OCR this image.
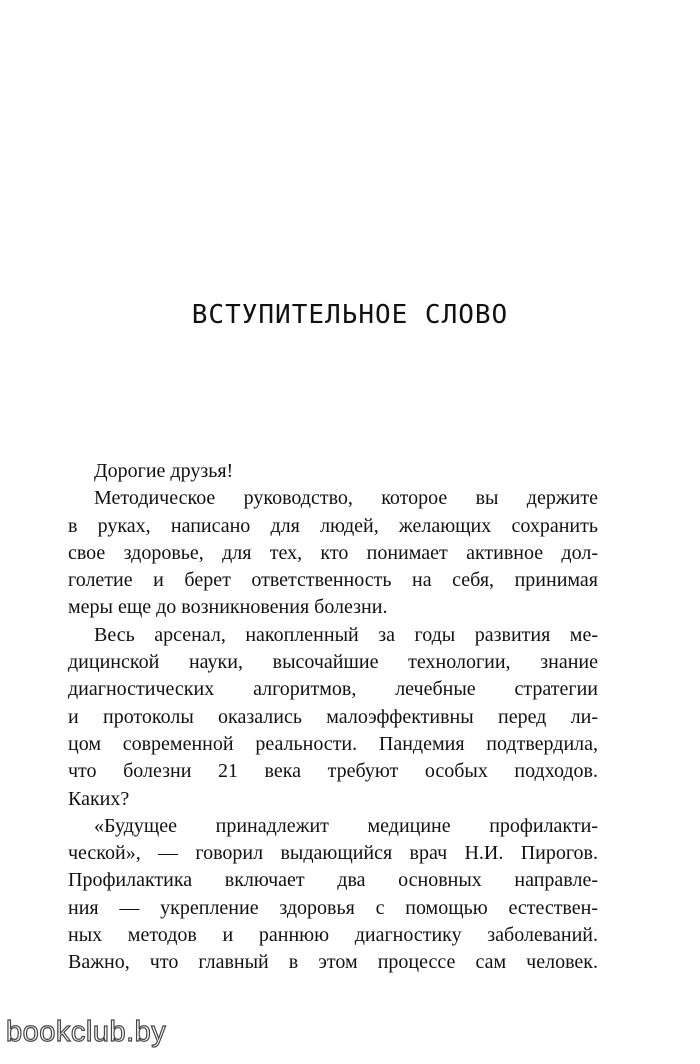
ВСТУПИТЕЛЬНОЕ СЛОВО
Дорогие друзья!
Методическое руководство, которое вы держите
в руках, написано для людей, желающих сохранить
свое здоровье, для тех, кто понимает активное дол-
голетие и берет ответственность на себя, принимая
меры еще до возникновения болезни.
Весь арсенал, накопленный за годы развития ме-
дицинской науки, высочайшие технологии, знание
диагностических алгоритмов, лечебные стратегии
и протоколы оказались малоэффективны перед ли-
цом современной реальности. Пандемия подтвердила,
что болезни 21 века требуют особых подходов.
Каких?
«Будущее принадлежит медицине профилакти-
ческой», — говорил выдающийся врач Н.И. Пирогов.
Профилактика включает два основных направле-
ния — укрепление здоровья с помощью естествен-
ных методов и раннюю диагностику заболеваний.
Важно, что главный в этом процессе сам человек.
bookclub.by
